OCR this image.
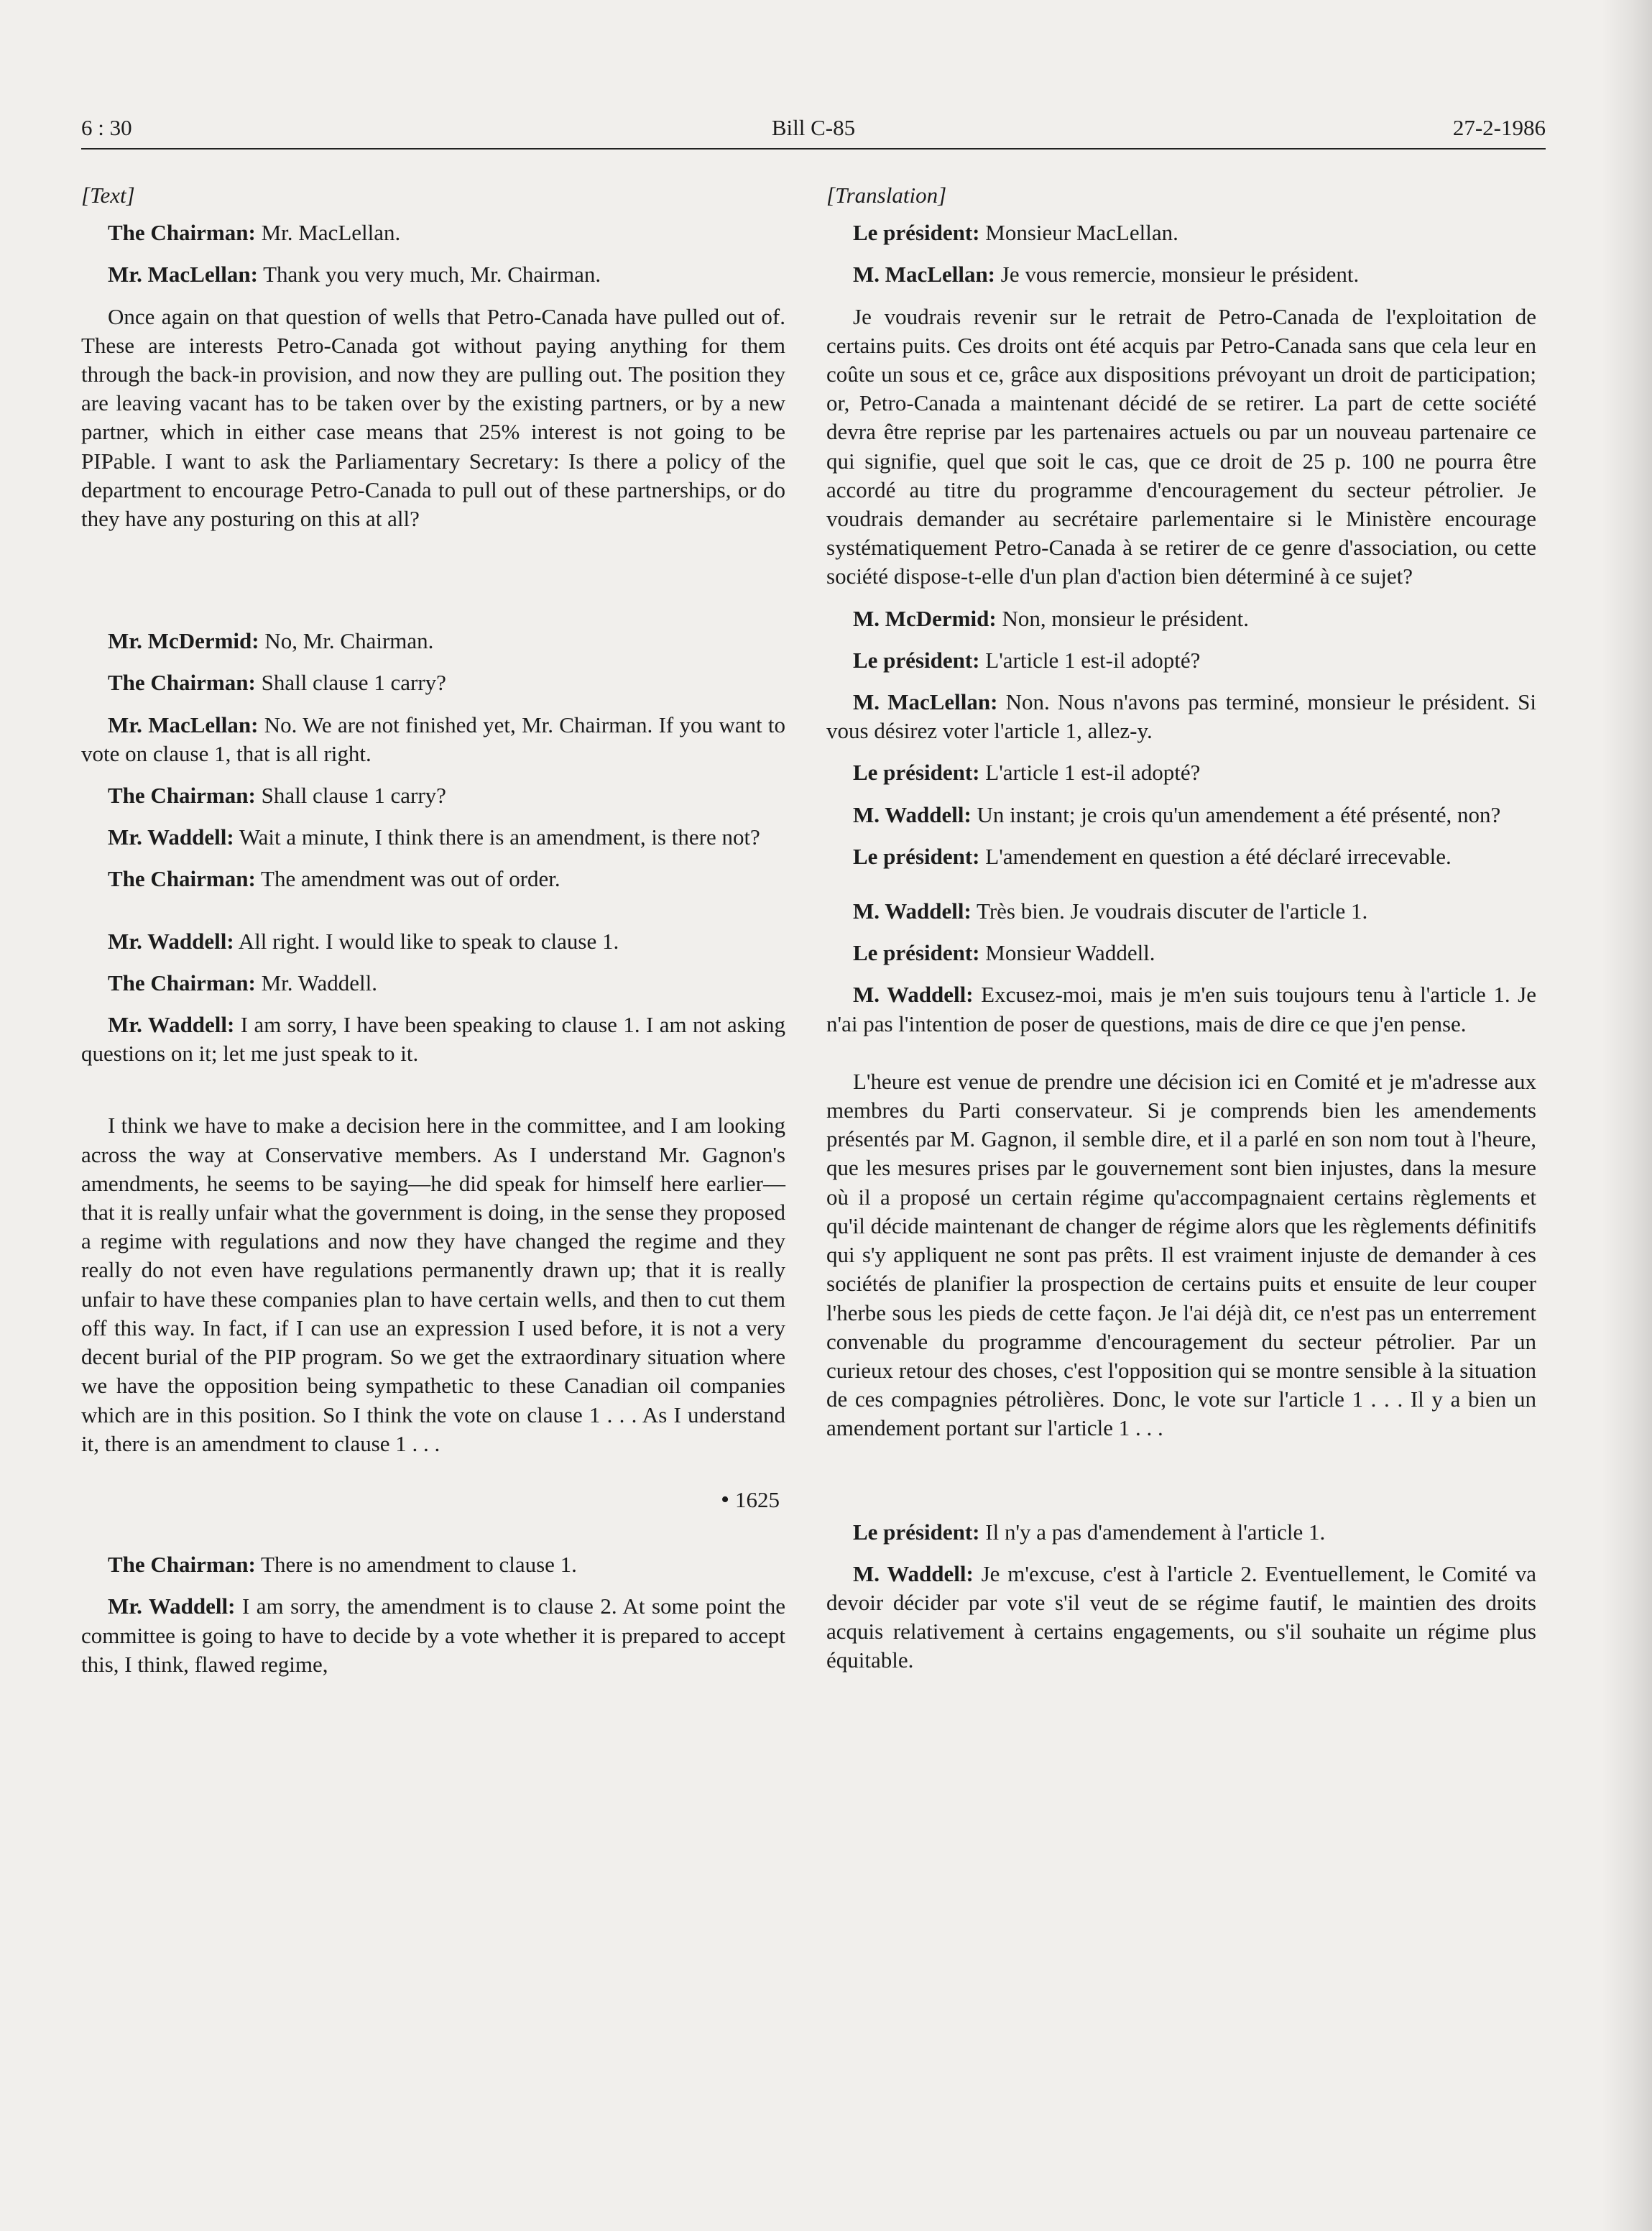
6 : 30	Bill C-85	27-2-1986
[Text]
The Chairman: Mr. MacLellan.
Mr. MacLellan: Thank you very much, Mr. Chairman.
Once again on that question of wells that Petro-Canada have pulled out of. These are interests Petro-Canada got without paying anything for them through the back-in provision, and now they are pulling out. The position they are leaving vacant has to be taken over by the existing partners, or by a new partner, which in either case means that 25% interest is not going to be PIPable. I want to ask the Parliamentary Secretary: Is there a policy of the department to encourage Petro-Canada to pull out of these partnerships, or do they have any posturing on this at all?
Mr. McDermid: No, Mr. Chairman.
The Chairman: Shall clause 1 carry?
Mr. MacLellan: No. We are not finished yet, Mr. Chairman. If you want to vote on clause 1, that is all right.
The Chairman: Shall clause 1 carry?
Mr. Waddell: Wait a minute, I think there is an amendment, is there not?
The Chairman: The amendment was out of order.
Mr. Waddell: All right. I would like to speak to clause 1.
The Chairman: Mr. Waddell.
Mr. Waddell: I am sorry, I have been speaking to clause 1. I am not asking questions on it; let me just speak to it.
I think we have to make a decision here in the committee, and I am looking across the way at Conservative members. As I understand Mr. Gagnon's amendments, he seems to be saying—he did speak for himself here earlier—that it is really unfair what the government is doing, in the sense they proposed a regime with regulations and now they have changed the regime and they really do not even have regulations permanently drawn up; that it is really unfair to have these companies plan to have certain wells, and then to cut them off this way. In fact, if I can use an expression I used before, it is not a very decent burial of the PIP program. So we get the extraordinary situation where we have the opposition being sympathetic to these Canadian oil companies which are in this position. So I think the vote on clause 1 . . . As I understand it, there is an amendment to clause 1 . . .
• 1625
The Chairman: There is no amendment to clause 1.
Mr. Waddell: I am sorry, the amendment is to clause 2. At some point the committee is going to have to decide by a vote whether it is prepared to accept this, I think, flawed regime,
[Translation]
Le président: Monsieur MacLellan.
M. MacLellan: Je vous remercie, monsieur le président.
Je voudrais revenir sur le retrait de Petro-Canada de l'exploitation de certains puits. Ces droits ont été acquis par Petro-Canada sans que cela leur en coûte un sous et ce, grâce aux dispositions prévoyant un droit de participation; or, Petro-Canada a maintenant décidé de se retirer. La part de cette société devra être reprise par les partenaires actuels ou par un nouveau partenaire ce qui signifie, quel que soit le cas, que ce droit de 25 p. 100 ne pourra être accordé au titre du programme d'encouragement du secteur pétrolier. Je voudrais demander au secrétaire parlementaire si le Ministère encourage systématiquement Petro-Canada à se retirer de ce genre d'association, ou cette société dispose-t-elle d'un plan d'action bien déterminé à ce sujet?
M. McDermid: Non, monsieur le président.
Le président: L'article 1 est-il adopté?
M. MacLellan: Non. Nous n'avons pas terminé, monsieur le président. Si vous désirez voter l'article 1, allez-y.
Le président: L'article 1 est-il adopté?
M. Waddell: Un instant; je crois qu'un amendement a été présenté, non?
Le président: L'amendement en question a été déclaré irrecevable.
M. Waddell: Très bien. Je voudrais discuter de l'article 1.
Le président: Monsieur Waddell.
M. Waddell: Excusez-moi, mais je m'en suis toujours tenu à l'article 1. Je n'ai pas l'intention de poser de questions, mais de dire ce que j'en pense.
L'heure est venue de prendre une décision ici en Comité et je m'adresse aux membres du Parti conservateur. Si je comprends bien les amendements présentés par M. Gagnon, il semble dire, et il a parlé en son nom tout à l'heure, que les mesures prises par le gouvernement sont bien injustes, dans la mesure où il a proposé un certain régime qu'accompagnaient certains règlements et qu'il décide maintenant de changer de régime alors que les règlements définitifs qui s'y appliquent ne sont pas prêts. Il est vraiment injuste de demander à ces sociétés de planifier la prospection de certains puits et ensuite de leur couper l'herbe sous les pieds de cette façon. Je l'ai déjà dit, ce n'est pas un enterrement convenable du programme d'encouragement du secteur pétrolier. Par un curieux retour des choses, c'est l'opposition qui se montre sensible à la situation de ces compagnies pétrolières. Donc, le vote sur l'article 1 . . . Il y a bien un amendement portant sur l'article 1 . . .
Le président: Il n'y a pas d'amendement à l'article 1.
M. Waddell: Je m'excuse, c'est à l'article 2. Eventuellement, le Comité va devoir décider par vote s'il veut de se régime fautif, le maintien des droits acquis relativement à certains engagements, ou s'il souhaite un régime plus équitable.
